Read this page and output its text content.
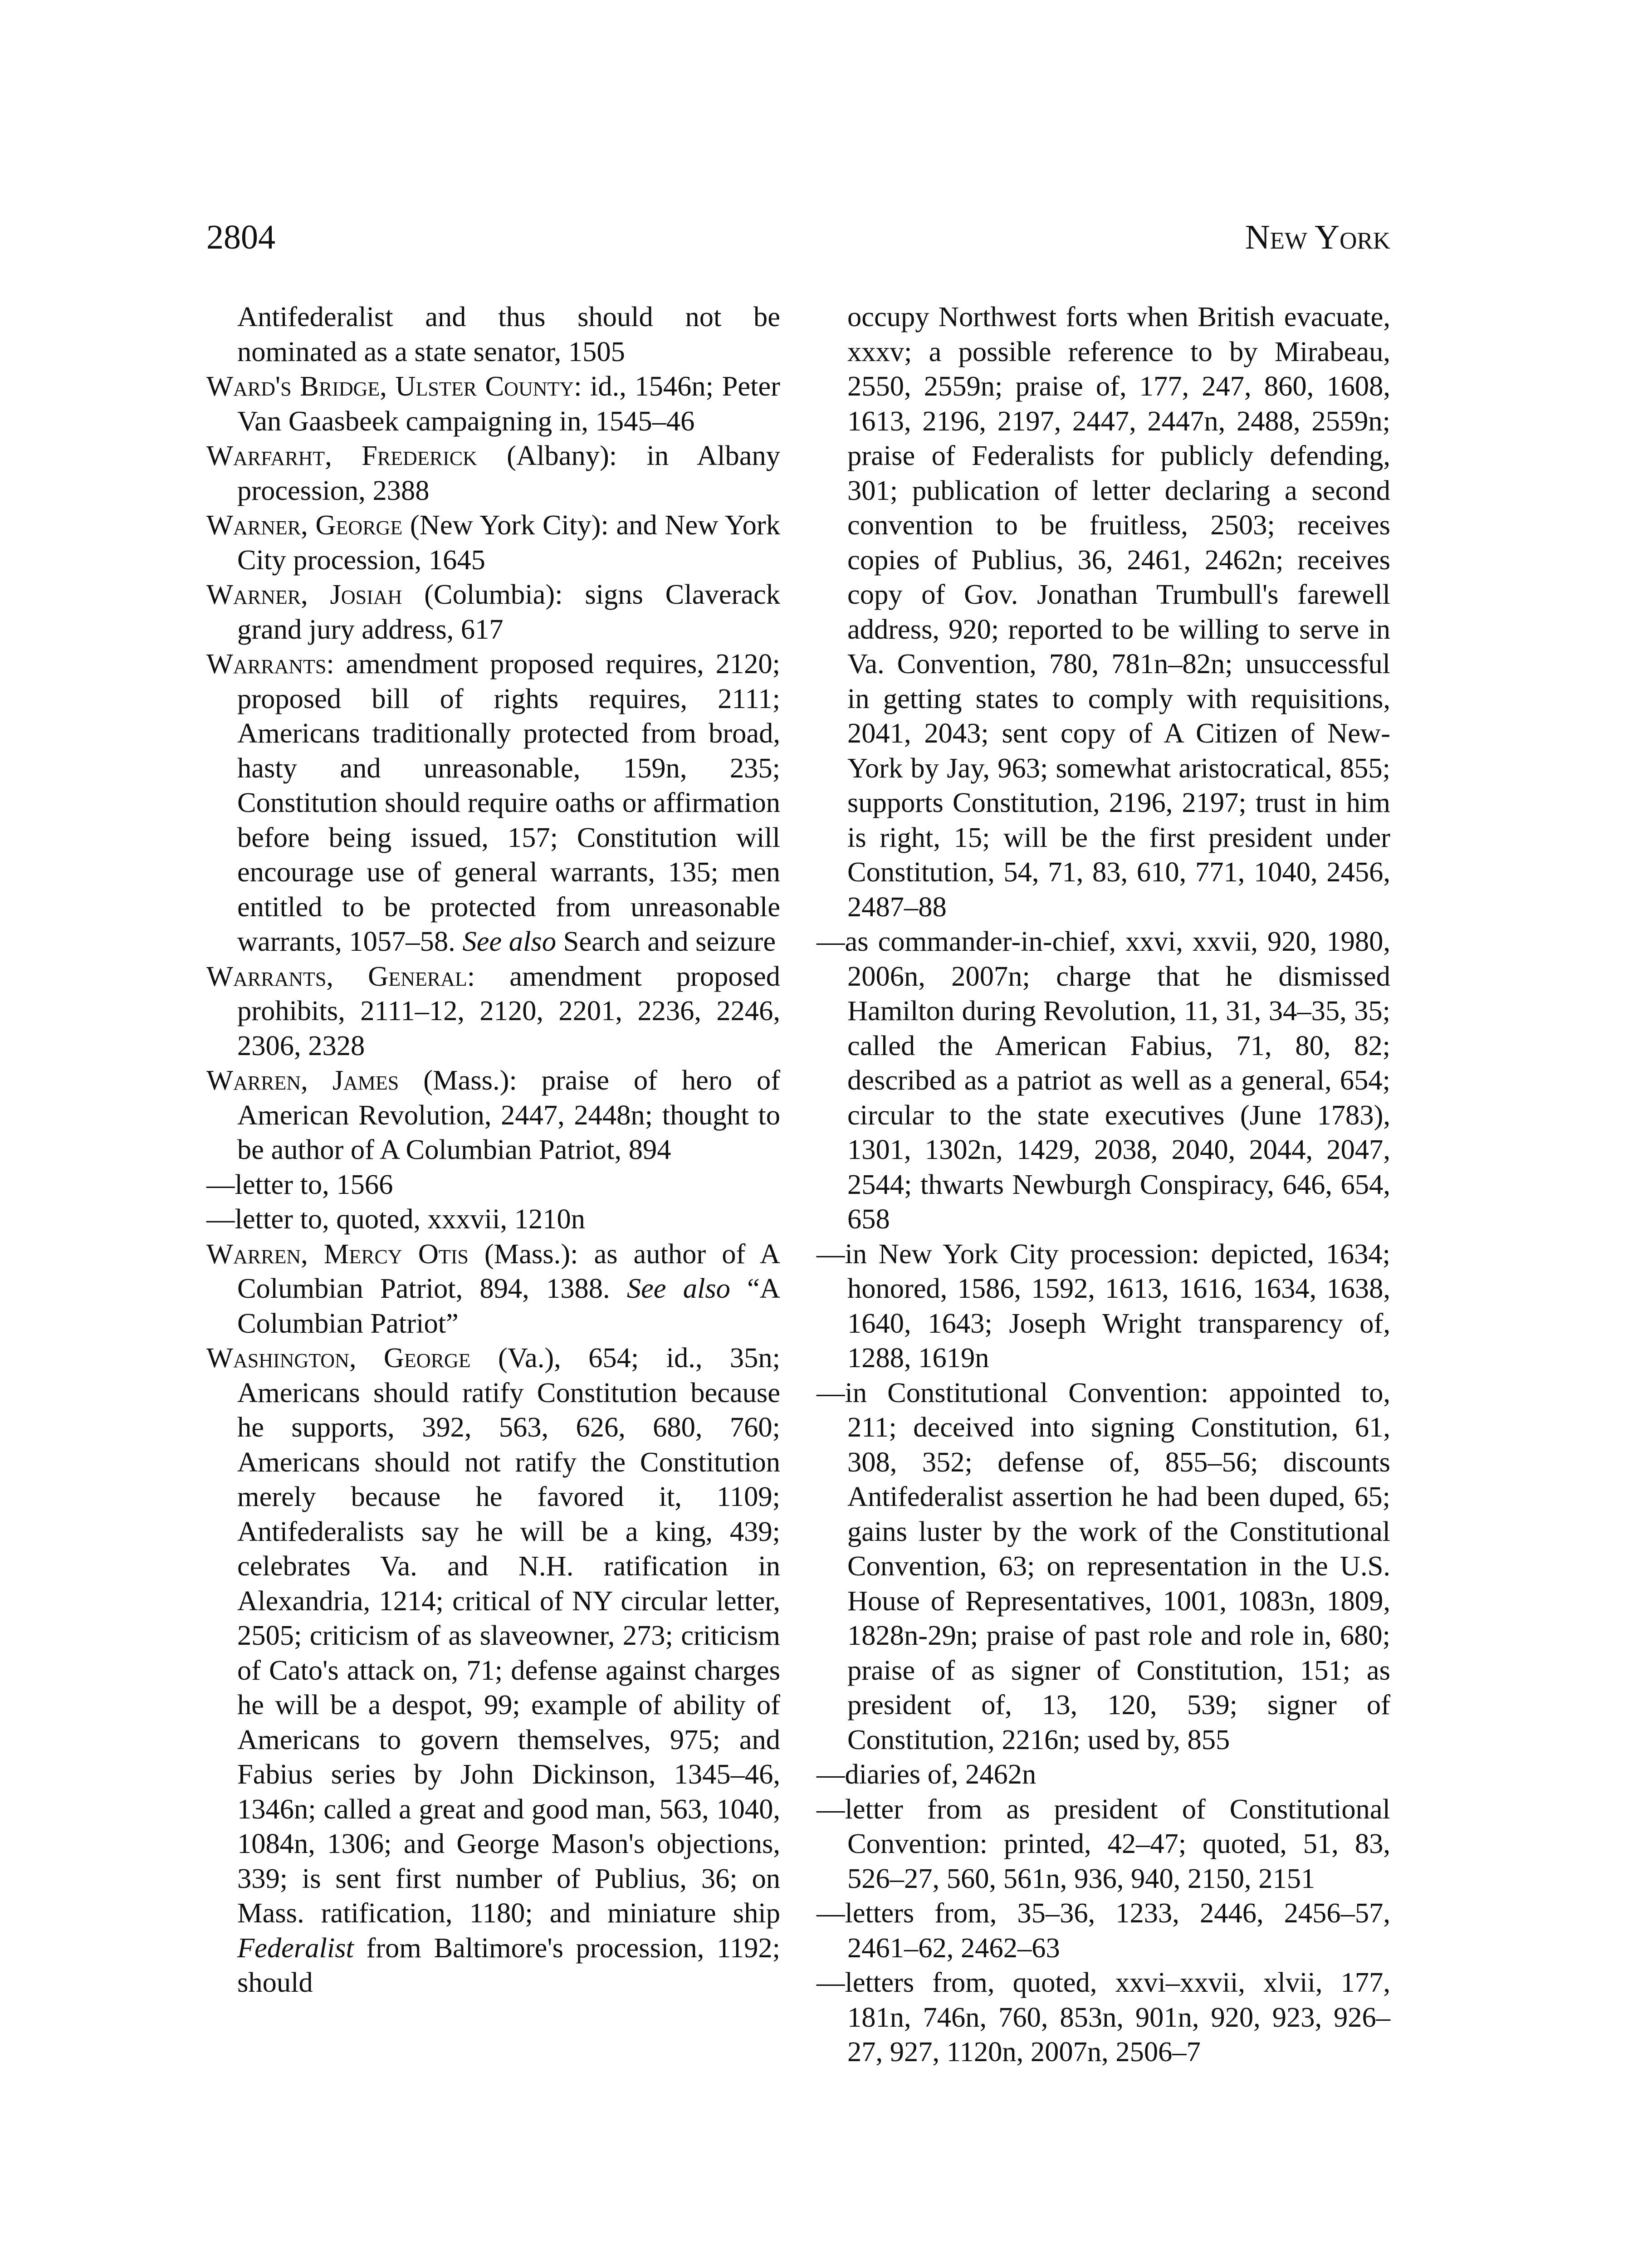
2804	New York

Antifederalist and thus should not be nominated as a state senator, 1505

Ward's Bridge, Ulster County: id., 1546n; Peter Van Gaasbeek campaigning in, 1545–46

Warfarht, Frederick (Albany): in Albany procession, 2388

Warner, George (New York City): and New York City procession, 1645

Warner, Josiah (Columbia): signs Claverack grand jury address, 617

Warrants: amendment proposed requires, 2120; proposed bill of rights requires, 2111; Americans traditionally protected from broad, hasty and unreasonable, 159n, 235; Constitution should require oaths or affirmation before being issued, 157; Constitution will encourage use of general warrants, 135; men entitled to be protected from unreasonable warrants, 1057–58. See also Search and seizure

Warrants, General: amendment proposed prohibits, 2111–12, 2120, 2201, 2236, 2246, 2306, 2328

Warren, James (Mass.): praise of hero of American Revolution, 2447, 2448n; thought to be author of A Columbian Patriot, 894

—letter to, 1566

—letter to, quoted, xxxvii, 1210n

Warren, Mercy Otis (Mass.): as author of A Columbian Patriot, 894, 1388. See also “A Columbian Patriot”

Washington, George (Va.), 654; id., 35n; Americans should ratify Constitution because he supports, 392, 563, 626, 680, 760; Americans should not ratify the Constitution merely because he favored it, 1109; Antifederalists say he will be a king, 439; celebrates Va. and N.H. ratification in Alexandria, 1214; critical of NY circular letter, 2505; criticism of as slaveowner, 273; criticism of Cato's attack on, 71; defense against charges he will be a despot, 99; example of ability of Americans to govern themselves, 975; and Fabius series by John Dickinson, 1345–46, 1346n; called a great and good man, 563, 1040, 1084n, 1306; and George Mason's objections, 339; is sent first number of Publius, 36; on Mass. ratification, 1180; and miniature ship Federalist from Baltimore's procession, 1192; should

occupy Northwest forts when British evacuate, xxxv; a possible reference to by Mirabeau, 2550, 2559n; praise of, 177, 247, 860, 1608, 1613, 2196, 2197, 2447, 2447n, 2488, 2559n; praise of Federalists for publicly defending, 301; publication of letter declaring a second convention to be fruitless, 2503; receives copies of Publius, 36, 2461, 2462n; receives copy of Gov. Jonathan Trumbull's farewell address, 920; reported to be willing to serve in Va. Convention, 780, 781n–82n; unsuccessful in getting states to comply with requisitions, 2041, 2043; sent copy of A Citizen of New-York by Jay, 963; somewhat aristocratical, 855; supports Constitution, 2196, 2197; trust in him is right, 15; will be the first president under Constitution, 54, 71, 83, 610, 771, 1040, 2456, 2487–88

—as commander-in-chief, xxvi, xxvii, 920, 1980, 2006n, 2007n; charge that he dismissed Hamilton during Revolution, 11, 31, 34–35, 35; called the American Fabius, 71, 80, 82; described as a patriot as well as a general, 654; circular to the state executives (June 1783), 1301, 1302n, 1429, 2038, 2040, 2044, 2047, 2544; thwarts Newburgh Conspiracy, 646, 654, 658

—in New York City procession: depicted, 1634; honored, 1586, 1592, 1613, 1616, 1634, 1638, 1640, 1643; Joseph Wright transparency of, 1288, 1619n

—in Constitutional Convention: appointed to, 211; deceived into signing Constitution, 61, 308, 352; defense of, 855–56; discounts Antifederalist assertion he had been duped, 65; gains luster by the work of the Constitutional Convention, 63; on representation in the U.S. House of Representatives, 1001, 1083n, 1809, 1828n-29n; praise of past role and role in, 680; praise of as signer of Constitution, 151; as president of, 13, 120, 539; signer of Constitution, 2216n; used by, 855

—diaries of, 2462n

—letter from as president of Constitutional Convention: printed, 42–47; quoted, 51, 83, 526–27, 560, 561n, 936, 940, 2150, 2151

—letters from, 35–36, 1233, 2446, 2456–57, 2461–62, 2462–63

—letters from, quoted, xxvi–xxvii, xlvii, 177, 181n, 746n, 760, 853n, 901n, 920, 923, 926–27, 927, 1120n, 2007n, 2506–7
